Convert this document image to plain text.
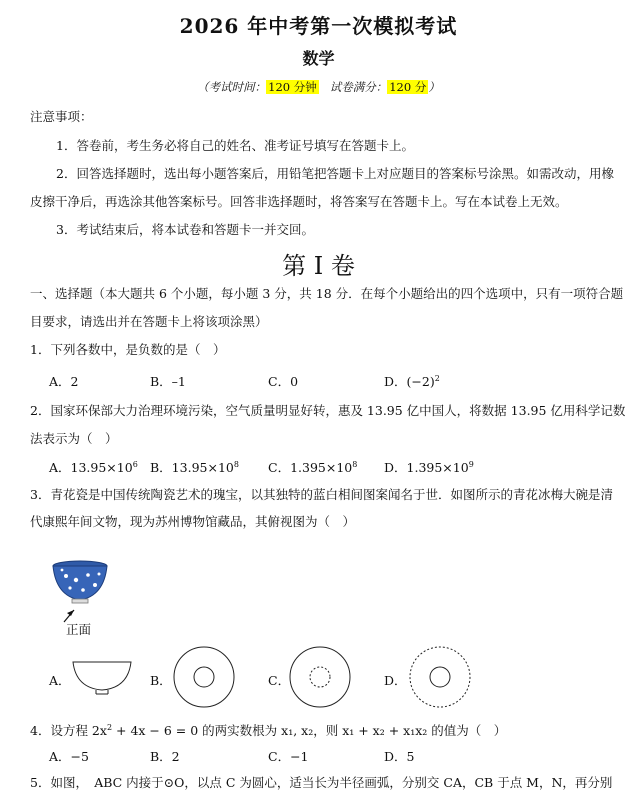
2026 年中考第一次模拟考试
数学
（考试时间： 120 分钟 试卷满分： 120 分 ）
注意事项：
1．答卷前，考生务必将自己的姓名、准考证号填写在答题卡上。
2．回答选择题时，选出每小题答案后，用铅笔把答题卡上对应题目的答案标号涂黑。如需改动，用橡
皮擦干净后，再选涂其他答案标号。回答非选择题时，将答案写在答题卡上。写在本试卷上无效。
3．考试结束后，将本试卷和答题卡一并交回。
第 I 卷
一、选择题（本大题共 6 个小题，每小题 3 分，共 18 分．在每个小题给出的四个选项中，只有一项符合题
目要求，请选出并在答题卡上将该项涂黑）
1．下列各数中，是负数的是（　）
A．2	B．–1	C．0	D．$(-2)^2$
2．国家环保部大力治理环境污染，空气质量明显好转，惠及 13.95 亿中国人，将数据 13.95 亿用科学记数
法表示为（　）
A．$13.95\times 10^6$ B．$13.95\times 10^8$ C．$1.395\times 10^8$ D．$1.395\times 10^9$
3．青花瓷是中国传统陶瓷艺术的瑰宝，以其独特的蓝白相间图案闻名于世．如图所示的青花冰梅大碗是清
代康熙年间文物，现为苏州博物馆藏品，其俯视图为（　）
正面
A．	B．	C．	D．
4．设方程 $2x^2 + 4x - 6 = 0$ 的两实数根为 x₁, x₂，则 x₁ + x₂ + x₁x₂ 的值为（　）
A．−5	B．2	C．−1	D．5
5．如图，　ABC 内接于⊙O，以点 C 为圆心，适当长为半径画弧，分别交 CA，CB 于点 M，N，再分别
